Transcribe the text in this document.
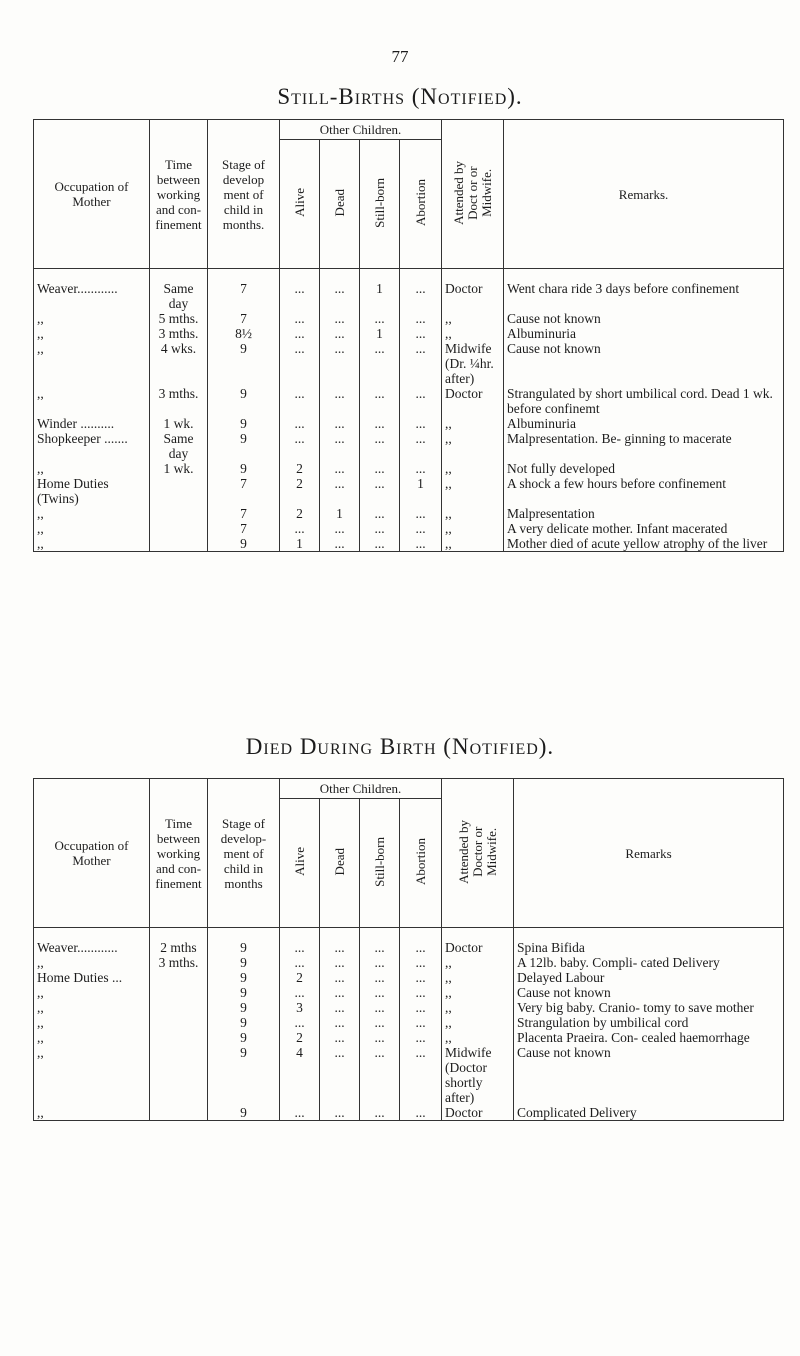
77
Still-Births (Notified).
Occupation of Mother	Time between working and con- finement	Stage of develop ment of child in months.	Other Children.				Attended by
Doct or or
Midwife.	Remarks.
			Alive	Dead	Still-born	Abortion		
Weaver............	Same day	7	...	...	1	...	Doctor	Went chara ride 3 days before confinement
,,	5 mths.	7	...	...	...	...	,,	Cause not known
,,	3 mths.	8½	...	...	1	...	,,	Albuminuria
,,	4 wks.	9	...	...	...	...	Midwife (Dr. ¼hr. after)	Cause not known
,,	3 mths.	9	...	...	...	...	Doctor	Strangulated by short umbilical cord. Dead 1 wk. before confinemt
Winder ..........	1 wk.	9	...	...	...	...	,,	Albuminuria
Shopkeeper .......	Same day	9	...	...	...	...	,,	Malpresentation. Be- ginning to macerate
,,	1 wk.	9	2	...	...	...	,,	Not fully developed
Home Duties (Twins)		7	2	...	...	1	,,	A shock a few hours before confinement
,,		7	2	1	...	...	,,	Malpresentation
,,		7	...	...	...	...	,,	A very delicate mother. Infant macerated
,,		9	1	...	...	...	,,	Mother died of acute yellow atrophy of the liver
Died During Birth (Notified).
Occupation of Mother	Time between working and con- finement	Stage of develop- ment of child in months	Other Children.				Attended by
Doctor or
Midwife.	Remarks
			Alive	Dead	Still-born	Abortion		
Weaver............	2 mths	9	...	...	...	...	Doctor	Spina Bifida
,,	3 mths.	9	...	...	...	...	,,	A 12lb. baby. Compli- cated Delivery
Home Duties ...		9	2	...	...	...	,,	Delayed Labour
,,		9	...	...	...	...	,,	Cause not known
,,		9	3	...	...	...	,,	Very big baby. Cranio- tomy to save mother
,,		9	...	...	...	...	,,	Strangulation by umbilical cord
,,		9	2	...	...	...	,,	Placenta Praeira. Con- cealed haemorrhage
,,		9	4	...	...	...	Midwife (Doctor shortly after)	Cause not known
,,		9	...	...	...	...	Doctor	Complicated Delivery
